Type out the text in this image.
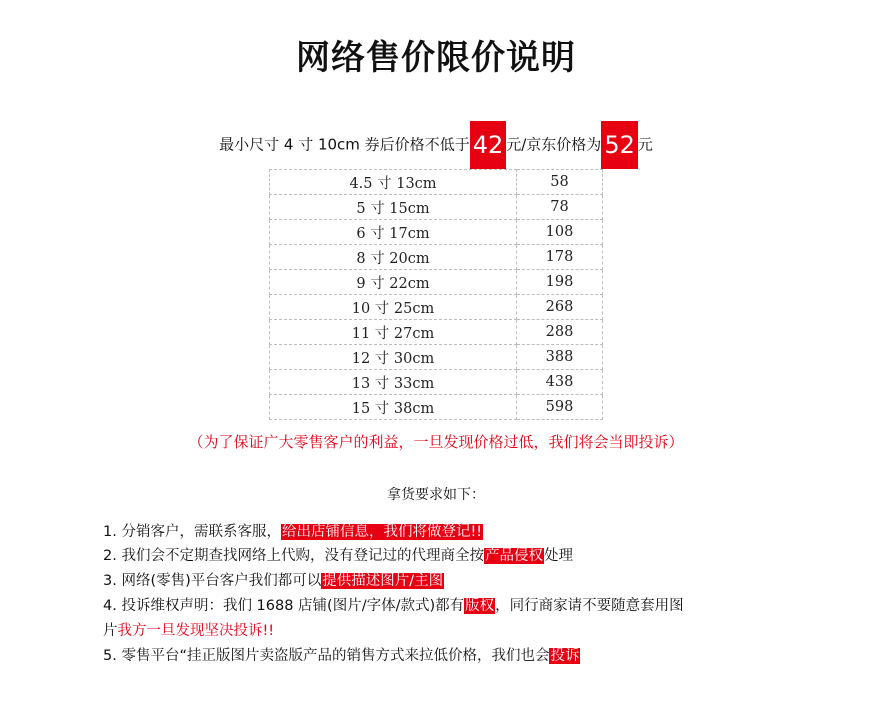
网络售价限价说明
最小尺寸 4 寸 10cm 券后价格不低于 42 元/京东价格为 52 元
4.5 寸 13cm	58
5 寸 15cm	78
6 寸 17cm	108
8 寸 20cm	178
9 寸 22cm	198
10 寸 25cm	268
11 寸 27cm	288
12 寸 30cm	388
13 寸 33cm	438
15 寸 38cm	598
（为了保证广大零售客户的利益，一旦发现价格过低，我们将会当即投诉）
拿货要求如下：
1. 分销客户，需联系客服，给出店铺信息，我们将做登记!!
2. 我们会不定期查找网络上代购，没有登记过的代理商全按产品侵权处理
3. 网络(零售)平台客户我们都可以提供描述图片/主图
4. 投诉维权声明：我们 1688 店铺(图片/字体/款式)都有版权，同行商家请不要随意套用图
片我方一旦发现坚决投诉!!
5. 零售平台“挂正版图片卖盗版产品的销售方式来拉低价格，我们也会投诉
